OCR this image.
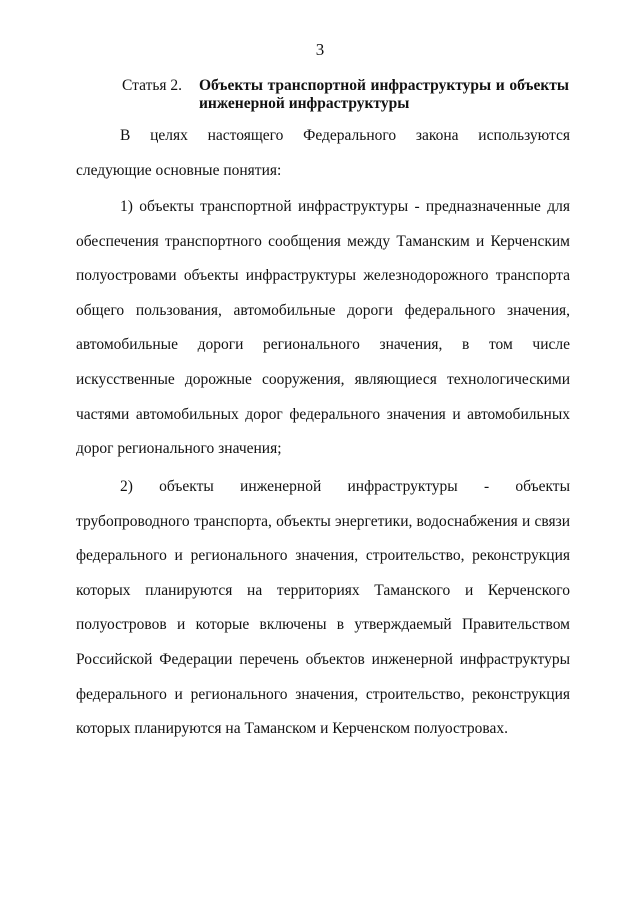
3
Статья 2. Объекты транспортной инфраструктуры и объекты инженерной инфраструктуры

В целях настоящего Федерального закона используются следующие основные понятия:

1) объекты транспортной инфраструктуры - предназначенные для обеспечения транспортного сообщения между Таманским и Керченским полуостровами объекты инфраструктуры железнодорожного транспорта общего пользования, автомобильные дороги федерального значения, автомобильные дороги регионального значения, в том числе искусственные дорожные сооружения, являющиеся технологическими частями автомобильных дорог федерального значения и автомобильных дорог регионального значения;

2) объекты инженерной инфраструктуры - объекты трубопроводного транспорта, объекты энергетики, водоснабжения и связи федерального и регионального значения, строительство, реконструкция которых планируются на территориях Таманского и Керченского полуостровов и которые включены в утверждаемый Правительством Российской Федерации перечень объектов инженерной инфраструктуры федерального и регионального значения, строительство, реконструкция которых планируются на Таманском и Керченском полуостровах.
